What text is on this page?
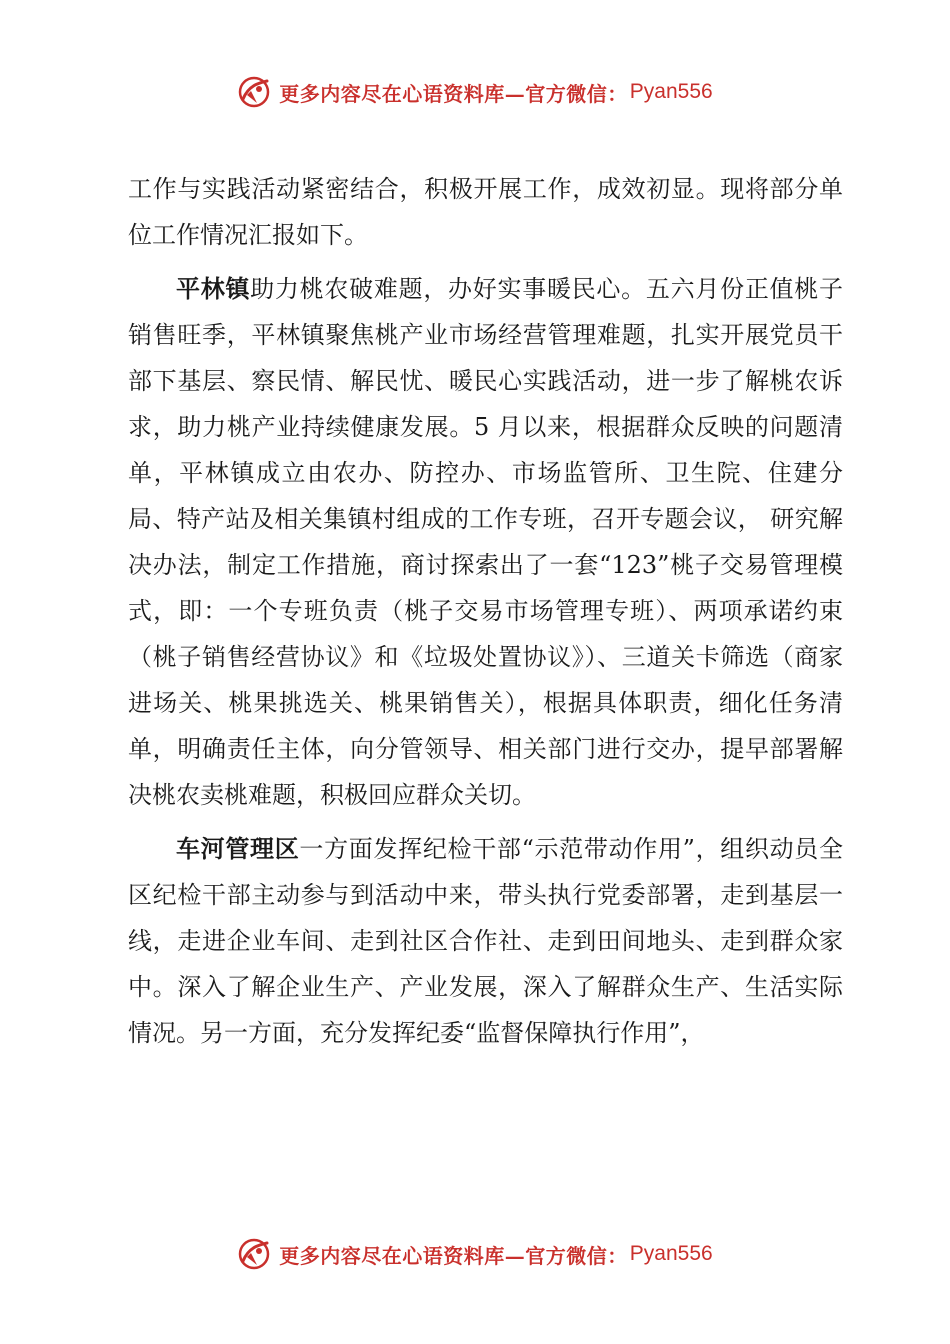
更多内容尽在心语资料库—官方微信： Pyan556

工作与实践活动紧密结合，积极开展工作，成效初显。现将部分单位工作情况汇报如下。

平林镇助力桃农破难题，办好实事暖民心。五六月份正值桃子销售旺季，平林镇聚焦桃产业市场经营管理难题，扎实开展党员干部下基层、察民情、解民忧、暖民心实践活动，进一步了解桃农诉求，助力桃产业持续健康发展。5 月以来，根据群众反映的问题清单，平林镇成立由农办、防控办、市场监管所、卫生院、住建分局、特产站及相关集镇村组成的工作专班，召开专题会议， 研究解决办法，制定工作措施，商讨探索出了一套“123”桃子交易管理模式，即：一个专班负责（桃子交易市场管理专班）、两项承诺约束（桃子销售经营协议》和《垃圾处置协议》）、三道关卡筛选（商家进场关、桃果挑选关、桃果销售关），根据具体职责，细化任务清单，明确责任主体，向分管领导、相关部门进行交办，提早部署解决桃农卖桃难题，积极回应群众关切。

车河管理区一方面发挥纪检干部“示范带动作用”，组织动员全区纪检干部主动参与到活动中来，带头执行党委部署，走到基层一线，走进企业车间、走到社区合作社、走到田间地头、走到群众家中。深入了解企业生产、产业发展，深入了解群众生产、生活实际情况。另一方面，充分发挥纪委“监督保障执行作用”，

更多内容尽在心语资料库—官方微信： Pyan556
